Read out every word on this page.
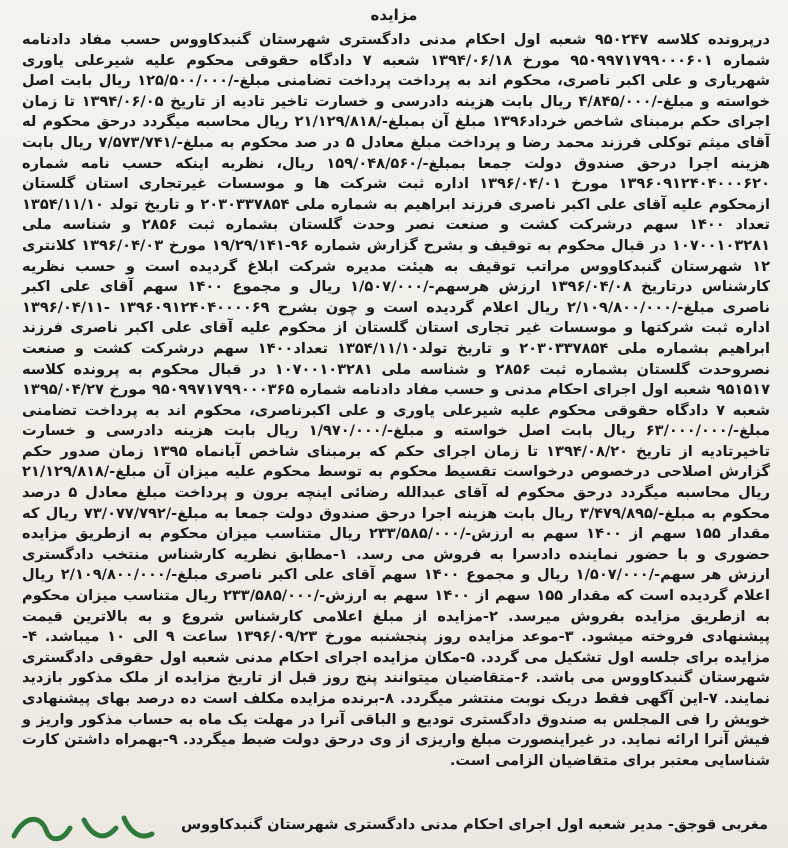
مزایده

درپرونده کلاسه ۹۵۰۲۴۷ شعبه اول احکام مدنی دادگستری شهرستان گنبدکاووس حسب مفاد دادنامه شماره ۹۵۰۹۹۷۱۷۹۹۰۰۰۶۰۱ مورخ ۱۳۹۴/۰۶/۱۸ شعبه ۷ دادگاه حقوقی محکوم علیه شیرعلی یاوری شهریاری و علی اکبر ناصری، محکوم اند به پرداخت پرداخت تضامنی مبلغ-/۱۲۵/۵۰۰/۰۰۰ ریال بابت اصل خواسته و مبلغ-/۴/۸۴۵/۰۰۰ ریال بابت هزینه دادرسی و خسارت تاخیر تادیه از تاریخ ۱۳۹۴/۰۶/۰۵ تا زمان اجرای حکم برمبنای شاخص خرداد۱۳۹۶ مبلغ آن بمبلغ-/۲۱/۱۲۹/۸۱۸ ریال محاسبه میگردد درحق محکوم له آقای میثم توکلی فرزند محمد رضا و پرداخت مبلغ معادل ۵ در صد محکوم به مبلغ-/۷/۵۷۳/۷۴۱ ریال بابت هزینه اجرا درحق صندوق دولت جمعا بمبلغ-/۱۵۹/۰۴۸/۵۶۰ ریال، نظربه اینکه حسب نامه شماره ۱۳۹۶۰۹۱۲۴۰۴۰۰۰۶۲۰ مورخ ۱۳۹۶/۰۴/۰۱ اداره ثبت شرکت ها و موسسات غیرتجاری استان گلستان ازمحکوم علیه آقای علی اکبر ناصری فرزند ابراهیم به شماره ملی ۲۰۳۰۳۳۷۸۵۴ و تاریخ تولد ۱۳۵۴/۱۱/۱۰ تعداد ۱۴۰۰ سهم درشرکت کشت و صنعت نصر وحدت گلستان بشماره ثبت ۲۸۵۶ و شناسه ملی ۱۰۷۰۰۱۰۳۲۸۱ در قبال محکوم به توقیف و بشرح گزارش شماره ۹۶-۱۹/۲۹/۱۴۱ مورخ ۱۳۹۶/۰۴/۰۳ کلانتری ۱۲ شهرستان گنبدکاووس مراتب توقیف به هیئت مدیره شرکت ابلاغ گردیده است و حسب نظریه کارشناس درتاریخ ۱۳۹۶/۰۴/۰۸ ارزش هرسهم-/۱/۵۰۷/۰۰۰ ریال و مجموع ۱۴۰۰ سهم آقای علی اکبر ناصری مبلغ-/۲/۱۰۹/۸۰۰/۰۰۰ ریال اعلام گردیده است و چون بشرح ۱۳۹۶۰۹۱۲۴۰۴۰۰۰۰۶۹ -۱۳۹۶/۰۴/۱۱ اداره ثبت شرکتها و موسسات غیر تجاری استان گلستان از محکوم علیه آقای علی اکبر ناصری فرزند ابراهیم بشماره ملی ۲۰۳۰۳۳۷۸۵۴ و تاریخ تولد۱۳۵۴/۱۱/۱۰ تعداد۱۴۰۰ سهم درشرکت کشت و صنعت نصروحدت گلستان بشماره ثبت ۲۸۵۶ و شناسه ملی ۱۰۷۰۰۱۰۳۲۸۱ در قبال محکوم به پرونده کلاسه ۹۵۱۵۱۷ شعبه اول اجرای احکام مدنی و حسب مفاد دادنامه شماره ۹۵۰۹۹۷۱۷۹۹۰۰۰۳۶۵ مورخ ۱۳۹۵/۰۴/۲۷ شعبه ۷ دادگاه حقوقی محکوم علیه شیرعلی یاوری و علی اکبرناصری، محکوم اند به پرداخت تضامنی مبلغ-/۶۳/۰۰۰/۰۰۰ ریال بابت اصل خواسته و مبلغ-/۱/۹۷۰/۰۰۰ ریال بابت هزینه دادرسی و خسارت تاخیرتادیه از تاریخ ۱۳۹۴/۰۸/۲۰ تا زمان اجرای حکم که برمبنای شاخص آبانماه ۱۳۹۵ زمان صدور حکم گزارش اصلاحی درخصوص درخواست تقسیط محکوم به توسط محکوم علیه میزان آن مبلغ-/۲۱/۱۲۹/۸۱۸ ریال محاسبه میگردد درحق محکوم له آقای عبدالله رضائی اینچه برون و پرداخت مبلغ معادل ۵ درصد محکوم به مبلغ-/۳/۴۷۹/۸۹۵ ریال بابت هزینه اجرا درحق صندوق دولت جمعا به مبلغ-/۷۳/۰۷۷/۷۹۲ ریال که مقدار ۱۵۵ سهم از ۱۴۰۰ سهم به ارزش-/۲۳۳/۵۸۵/۰۰۰ ریال متناسب میزان محکوم به ازطریق مزایده حضوری و با حضور نماینده دادسرا به فروش می رسد. ۱-مطابق نظریه کارشناس منتخب دادگستری ارزش هر سهم-/۱/۵۰۷/۰۰۰ ریال و مجموع ۱۴۰۰ سهم آقای علی اکبر ناصری مبلغ-/۲/۱۰۹/۸۰۰/۰۰۰ ریال اعلام گردیده است که مقدار ۱۵۵ سهم از ۱۴۰۰ سهم به ارزش-/۲۳۳/۵۸۵/۰۰۰ ریال متناسب میزان محکوم به ازطریق مزایده بفروش میرسد. ۲-مزایده از مبلغ اعلامی کارشناس شروع و به بالاترین قیمت پیشنهادی فروخته میشود. ۳-موعد مزایده روز پنجشنبه مورخ ۱۳۹۶/۰۹/۲۳ ساعت ۹ الی ۱۰ میباشد. ۴-مزایده برای جلسه اول تشکیل می گردد. ۵-مکان مزایده اجرای احکام مدنی شعبه اول حقوقی دادگستری شهرستان گنبدکاووس می باشد. ۶-متقاضیان میتوانند پنج روز قبل از تاریخ مزایده از ملک مذکور بازدید نمایند. ۷-این آگهی فقط دریک نوبت منتشر میگردد. ۸-برنده مزایده مکلف است ده درصد بهای پیشنهادی خویش را فی المجلس به صندوق دادگستری تودیع و الباقی آنرا در مهلت یک ماه به حساب مذکور واریز و فیش آنرا ارائه نماید. در غیراینصورت مبلغ واریزی از وی درحق دولت ضبط میگردد. ۹-بهمراه داشتن کارت شناسایی معتبر برای متقاضیان الزامی است.

مغربی قوجق- مدیر شعبه اول اجرای احکام مدنی دادگستری شهرستان گنبدکاووس
